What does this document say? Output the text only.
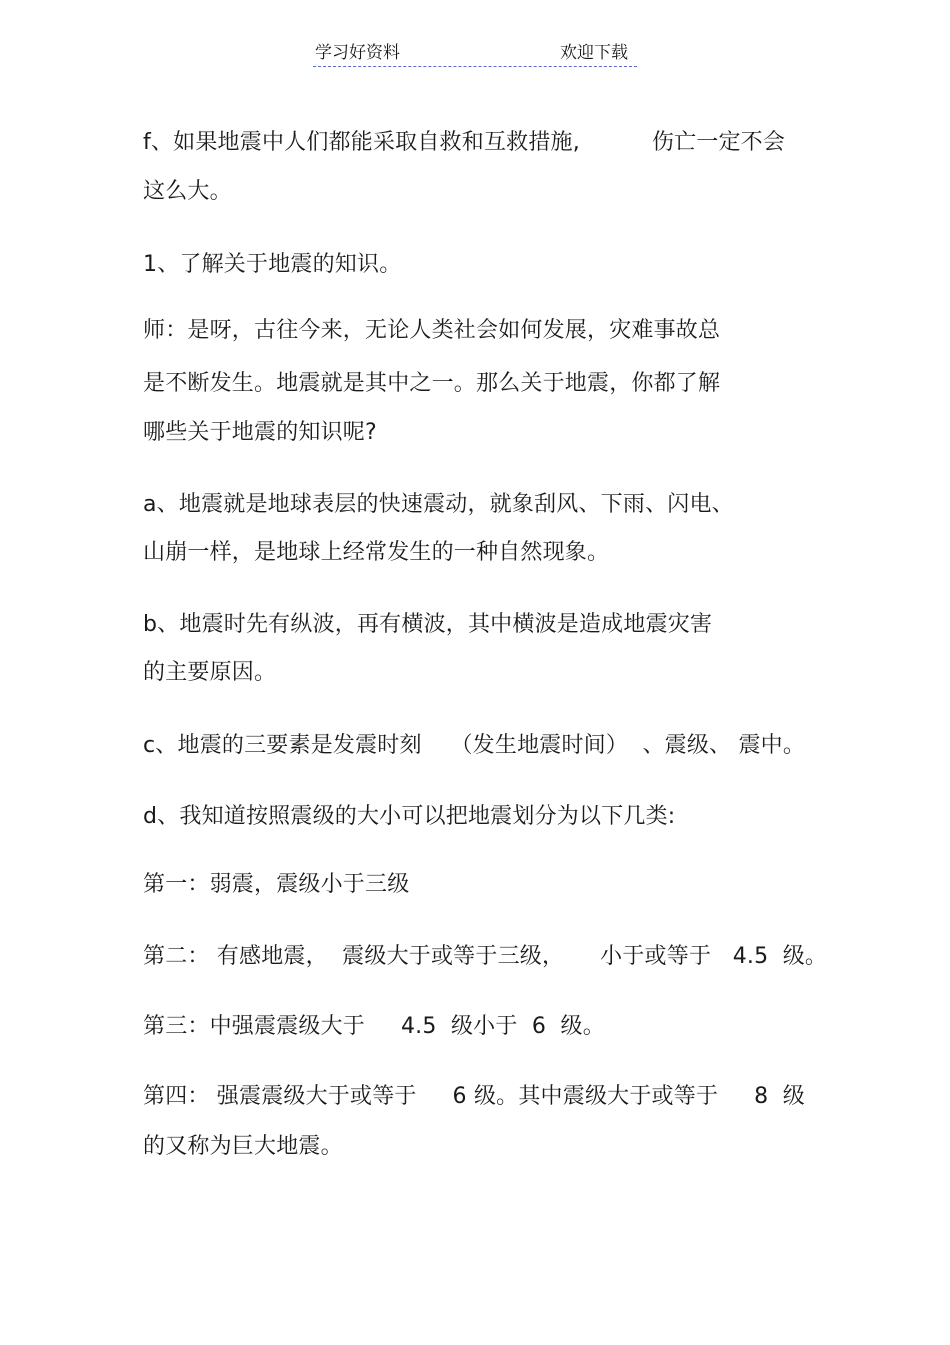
学习好资料	欢迎下载
f、如果地震中人们都能采取自救和互救措施,          伤亡一定不会
这么大。
1、了解关于地震的知识。
师：是呀，古往今来，无论人类社会如何发展，灾难事故总
是不断发生。地震就是其中之一。那么关于地震，你都了解
哪些关于地震的知识呢?
a、地震就是地球表层的快速震动，就象刮风、下雨、闪电、
山崩一样，是地球上经常发生的一种自然现象。
b、地震时先有纵波，再有横波，其中横波是造成地震灾害
的主要原因。
c、地震的三要素是发震时刻    （发生地震时间）  、震级、 震中。
d、我知道按照震级的大小可以把地震划分为以下几类:
第一：弱震，震级小于三级
第二： 有感地震，  震级大于或等于三级，     小于或等于   4.5  级。
第三：中强震震级大于     4.5  级小于  6  级。
第四： 强震震级大于或等于     6 级。其中震级大于或等于     8  级
的又称为巨大地震。
